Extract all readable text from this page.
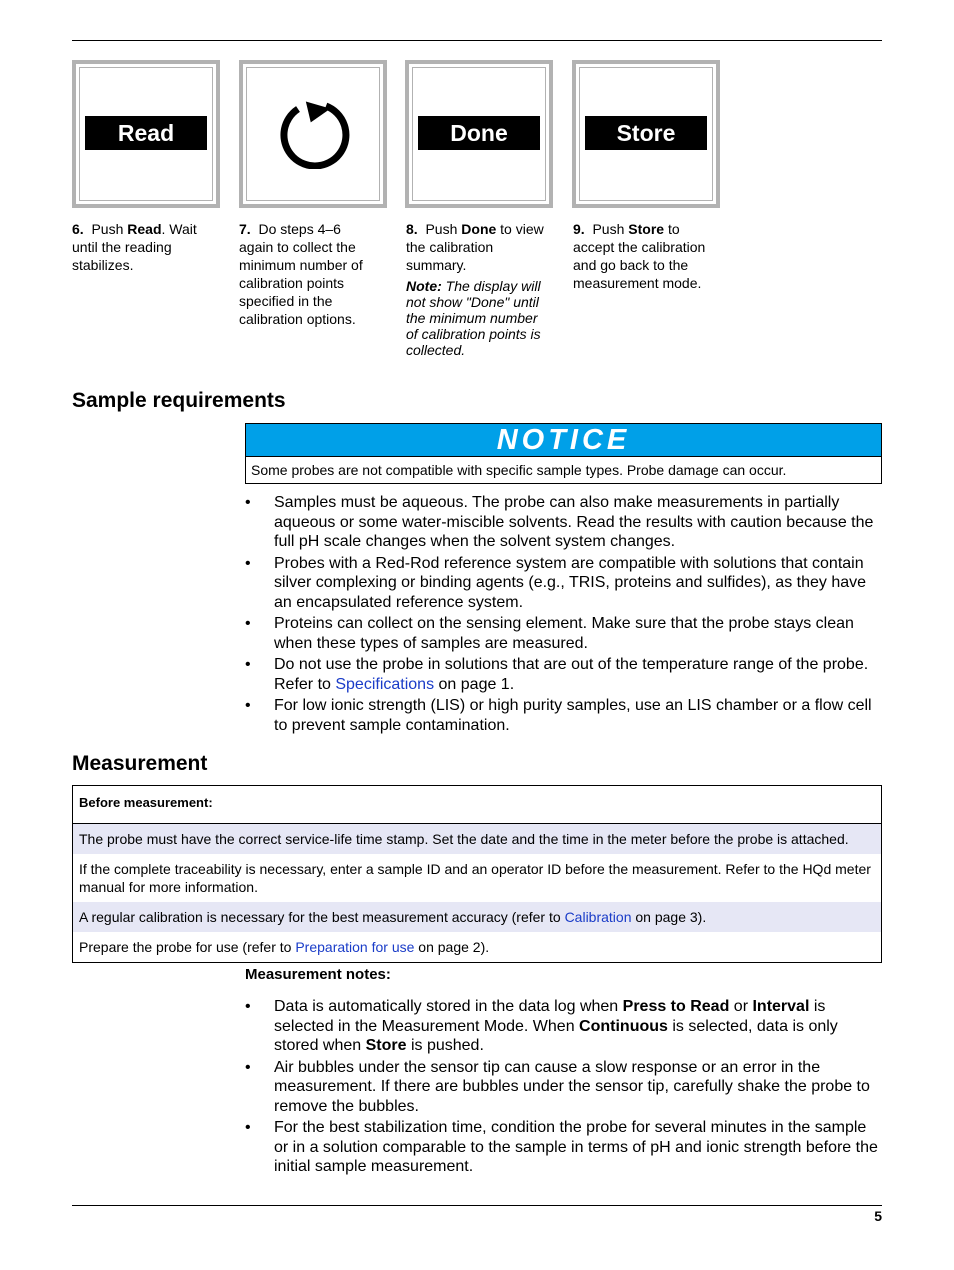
Read	Done	Store

6. Push Read. Wait until the reading stabilizes.

7. Do steps 4–6 again to collect the minimum number of calibration points specified in the calibration options.

8. Push Done to view the calibration summary.

Note: The display will not show "Done" until the minimum number of calibration points is collected.

9. Push Store to accept the calibration and go back to the measurement mode.

Sample requirements
NOTICE
Some probes are not compatible with specific sample types. Probe damage can occur.
• Samples must be aqueous. The probe can also make measurements in partially aqueous or some water-miscible solvents. Read the results with caution because the full pH scale changes when the solvent system changes.
• Probes with a Red-Rod reference system are compatible with solutions that contain silver complexing or binding agents (e.g., TRIS, proteins and sulfides), as they have an encapsulated reference system.
• Proteins can collect on the sensing element. Make sure that the probe stays clean when these types of samples are measured.
• Do not use the probe in solutions that are out of the temperature range of the probe. Refer to Specifications on page 1.
• For low ionic strength (LIS) or high purity samples, use an LIS chamber or a flow cell to prevent sample contamination.
Measurement
Before measurement:
The probe must have the correct service-life time stamp. Set the date and the time in the meter before the probe is attached.
If the complete traceability is necessary, enter a sample ID and an operator ID before the measurement. Refer to the HQd meter manual for more information.
A regular calibration is necessary for the best measurement accuracy (refer to Calibration on page 3).
Prepare the probe for use (refer to Preparation for use on page 2).
Measurement notes:
• Data is automatically stored in the data log when Press to Read or Interval is selected in the Measurement Mode. When Continuous is selected, data is only stored when Store is pushed.
• Air bubbles under the sensor tip can cause a slow response or an error in the measurement. If there are bubbles under the sensor tip, carefully shake the probe to remove the bubbles.
• For the best stabilization time, condition the probe for several minutes in the sample or in a solution comparable to the sample in terms of pH and ionic strength before the initial sample measurement.
5
